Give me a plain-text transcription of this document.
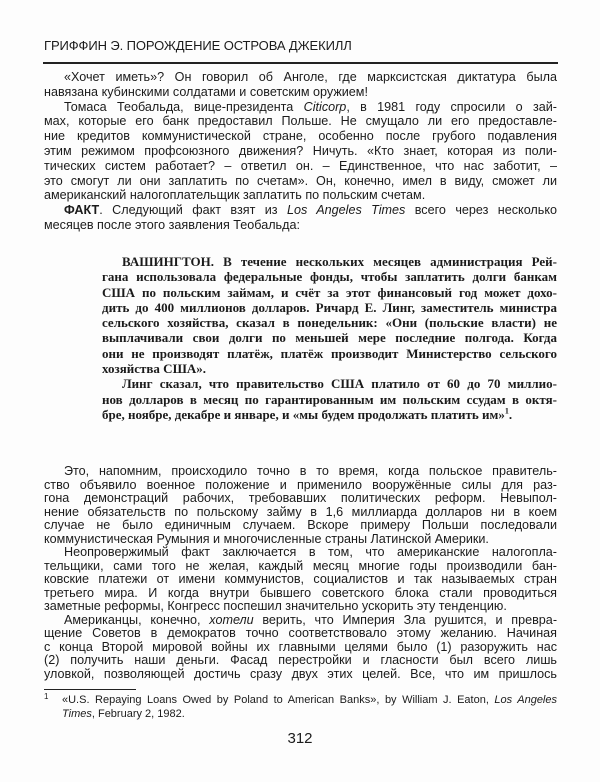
ГРИФФИН Э. ПОРОЖДЕНИЕ ОСТРОВА ДЖЕКИЛЛ
«Хочет иметь»? Он говорил об Анголе, где марксистская диктатура была
навязана кубинскими солдатами и советским оружием!
Томаса Теобальда, вице-президента Citicorp, в 1981 году спросили о зай-
мах, которые его банк предоставил Польше. Не смущало ли его предоставле-
ние кредитов коммунистической стране, особенно после грубого подавления
этим режимом профсоюзного движения? Ничуть. «Кто знает, которая из поли-
тических систем работает? – ответил он. – Единственное, что нас заботит, –
это смогут ли они заплатить по счетам». Он, конечно, имел в виду, сможет ли
американский налогоплательщик заплатить по польским счетам.
ФАКТ. Следующий факт взят из Los Angeles Times всего через несколько
месяцев после этого заявления Теобальда:
ВАШИНГТОН. В течение нескольких месяцев администрация Рей-
гана использовала федеральные фонды, чтобы заплатить долги банкам
США по польским займам, и счёт за этот финансовый год может дохо-
дить до 400 миллионов долларов. Ричард Е. Линг, заместитель министра
сельского хозяйства, сказал в понедельник: «Они (польские власти) не
выплачивали свои долги по меньшей мере последние полгода. Когда
они не производят платёж, платёж производит Министерство сельского
хозяйства США».
Линг сказал, что правительство США платило от 60 до 70 миллио-
нов долларов в месяц по гарантированным им польским ссудам в октя-
бре, ноябре, декабре и январе, и «мы будем продолжать платить им»$^1$.
Это, напомним, происходило точно в то время, когда польское правитель-
ство объявило военное положение и применило вооружённые силы для раз-
гона демонстраций рабочих, требовавших политических реформ. Невыпол-
нение обязательств по польскому займу в 1,6 миллиарда долларов ни в коем
случае не было единичным случаем. Вскоре примеру Польши последовали
коммунистическая Румыния и многочисленные страны Латинской Америки.
Неопровержимый факт заключается в том, что американские налогопла-
тельщики, сами того не желая, каждый месяц многие годы производили бан-
ковские платежи от имени коммунистов, социалистов и так называемых стран
третьего мира. И когда внутри бывшего советского блока стали проводиться
заметные реформы, Конгресс поспешил значительно ускорить эту тенденцию.
Американцы, конечно, хотели верить, что Империя Зла рушится, и превра-
щение Советов в демократов точно соответствовало этому желанию. Начиная
с конца Второй мировой войны их главными целями было (1) разоружить нас
(2) получить наши деньги. Фасад перестройки и гласности был всего лишь
уловкой, позволяющей достичь сразу двух этих целей. Все, что им пришлось
1 «U.S. Repaying Loans Owed by Poland to American Banks», by William J. Eaton, Los Angeles
Times, February 2, 1982.
312
